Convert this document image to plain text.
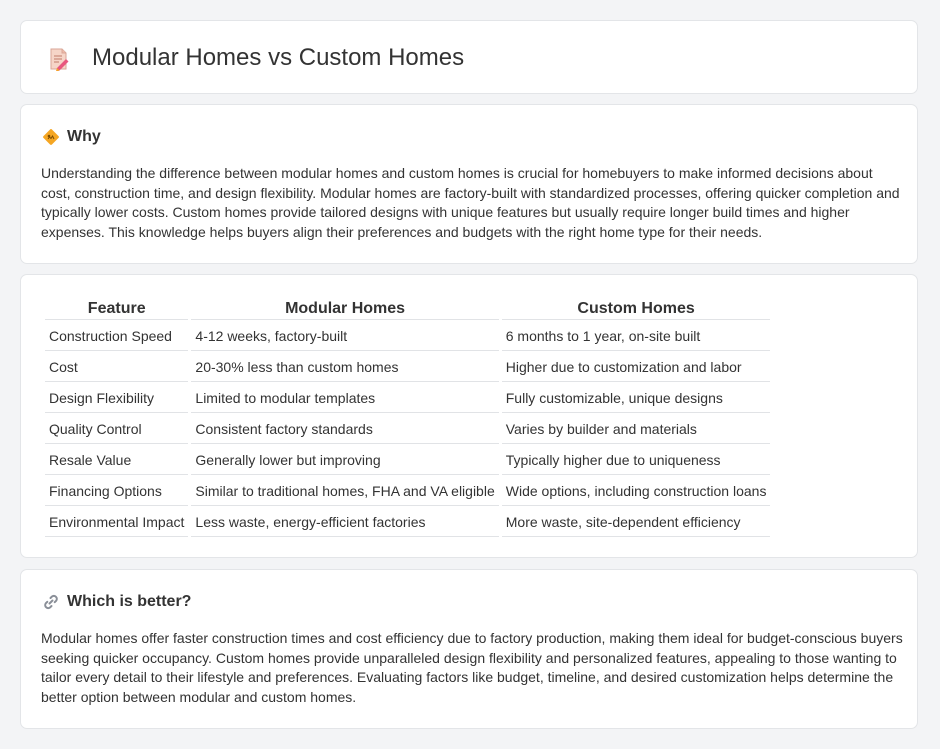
Modular Homes vs Custom Homes
Why

Understanding the difference between modular homes and custom homes is crucial for homebuyers to make informed decisions about cost, construction time, and design flexibility. Modular homes are factory-built with standardized processes, offering quicker completion and typically lower costs. Custom homes provide tailored designs with unique features but usually require longer build times and higher expenses. This knowledge helps buyers align their preferences and budgets with the right home type for their needs.

Feature	Modular Homes	Custom Homes
Construction Speed	4-12 weeks, factory-built	6 months to 1 year, on-site built
Cost	20-30% less than custom homes	Higher due to customization and labor
Design Flexibility	Limited to modular templates	Fully customizable, unique designs
Quality Control	Consistent factory standards	Varies by builder and materials
Resale Value	Generally lower but improving	Typically higher due to uniqueness
Financing Options	Similar to traditional homes, FHA and VA eligible	Wide options, including construction loans
Environmental Impact	Less waste, energy-efficient factories	More waste, site-dependent efficiency
Which is better?

Modular homes offer faster construction times and cost efficiency due to factory production, making them ideal for budget-conscious buyers seeking quicker occupancy. Custom homes provide unparalleled design flexibility and personalized features, appealing to those wanting to tailor every detail to their lifestyle and preferences. Evaluating factors like budget, timeline, and desired customization helps determine the better option between modular and custom homes.
